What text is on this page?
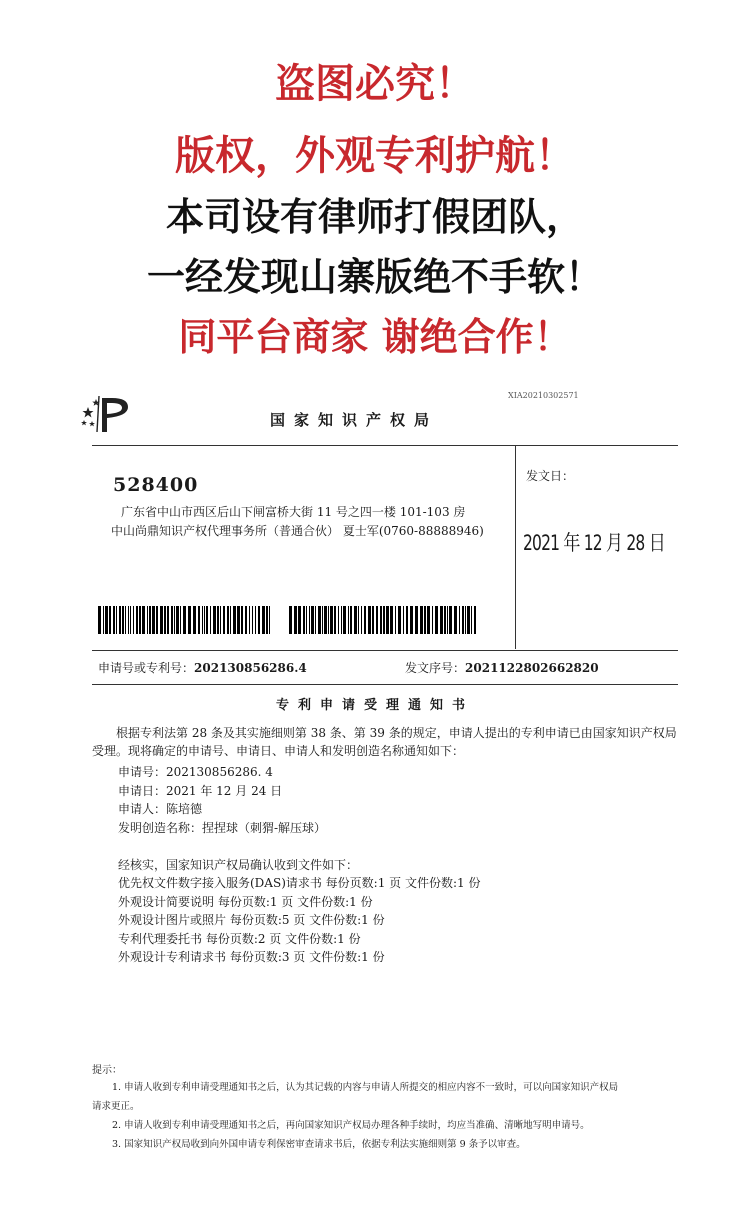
盗图必究！
版权，外观专利护航！
本司设有律师打假团队，
一经发现山寨版绝不手软！
同平台商家 谢绝合作！
XIA20210302571
国家知识产权局
528400
广东省中山市西区后山下闸富桥大街 11 号之四一楼 101-103 房
中山尚鼎知识产权代理事务所（普通合伙） 夏士军(0760-88888946)
发文日：
2021 年 12 月 28 日
申请号或专利号：202130856286.4	发文序号：2021122802662820
专利申请受理通知书
根据专利法第 28 条及其实施细则第 38 条、第 39 条的规定，申请人提出的专利申请已由国家知识产权局受理。现将确定的申请号、申请日、申请人和发明创造名称通知如下：
申请号：202130856286. 4
申请日：2021 年 12 月 24 日
申请人：陈培德
发明创造名称：捏捏球（刺猬-解压球）
经核实，国家知识产权局确认收到文件如下：
优先权文件数字接入服务(DAS)请求书 每份页数:1 页 文件份数:1 份
外观设计简要说明 每份页数:1 页 文件份数:1 份
外观设计图片或照片 每份页数:5 页 文件份数:1 份
专利代理委托书 每份页数:2 页 文件份数:1 份
外观设计专利请求书 每份页数:3 页 文件份数:1 份
提示：
1. 申请人收到专利申请受理通知书之后，认为其记载的内容与申请人所提交的相应内容不一致时，可以向国家知识产权局
请求更正。
2. 申请人收到专利申请受理通知书之后，再向国家知识产权局办理各种手续时，均应当准确、清晰地写明申请号。
3. 国家知识产权局收到向外国申请专利保密审查请求书后，依据专利法实施细则第 9 条予以审查。
